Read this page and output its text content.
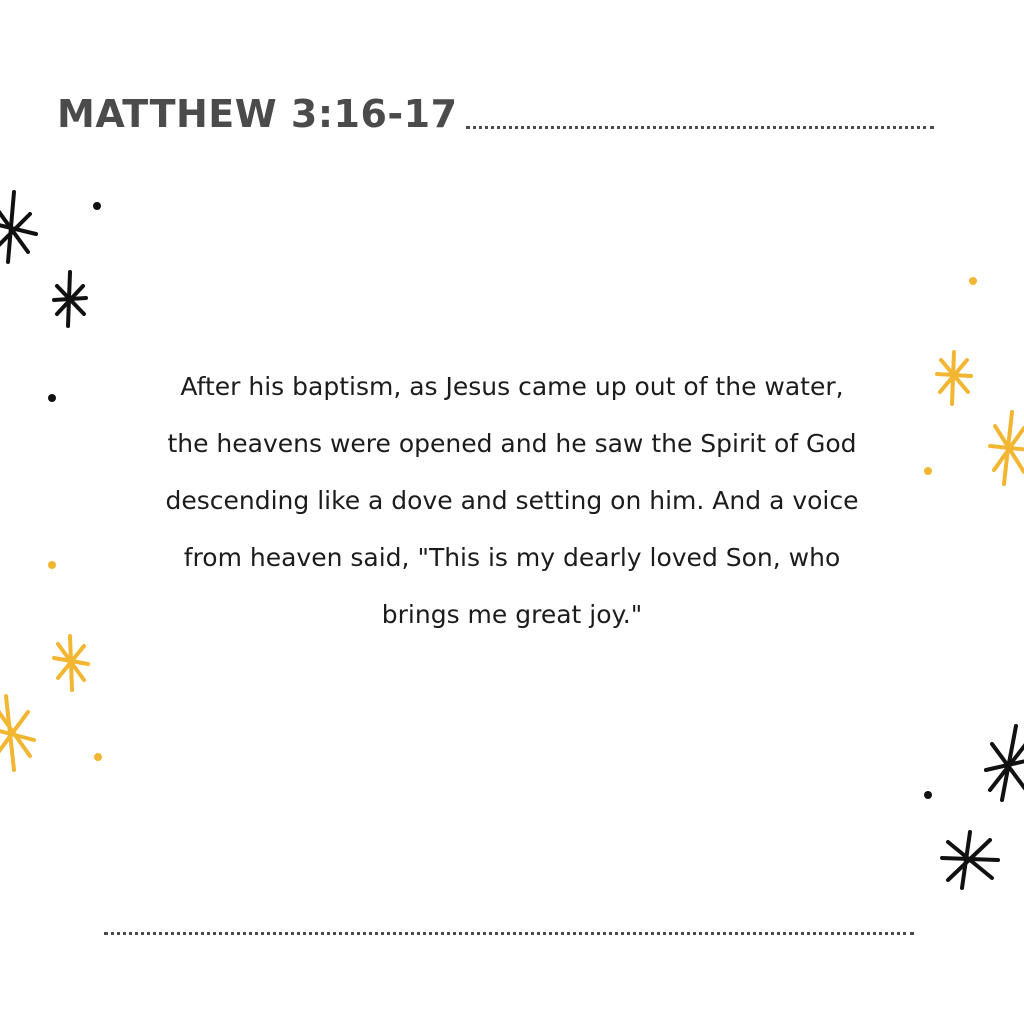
MATTHEW 3:16-17

After his baptism, as Jesus came up out of the water, the heavens were opened and he saw the Spirit of God descending like a dove and setting on him. And a voice from heaven said, "This is my dearly loved Son, who brings me great joy."
